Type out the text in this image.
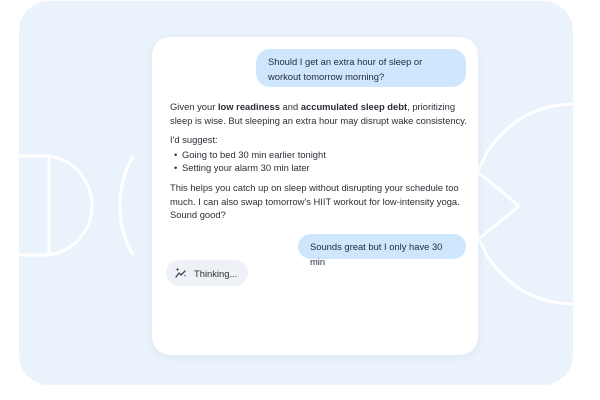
Should I get an extra hour of sleep or workout tomorrow morning?

Given your low readiness and accumulated sleep debt, prioritizing sleep is wise. But sleeping an extra hour may disrupt wake consistency.

I'd suggest:

• Going to bed 30 min earlier tonight
• Setting your alarm 30 min later

This helps you catch up on sleep without disrupting your schedule too much. I can also swap tomorrow's HIIT workout for low-intensity yoga. Sound good?

Sounds great but I only have 30 min
Thinking...
